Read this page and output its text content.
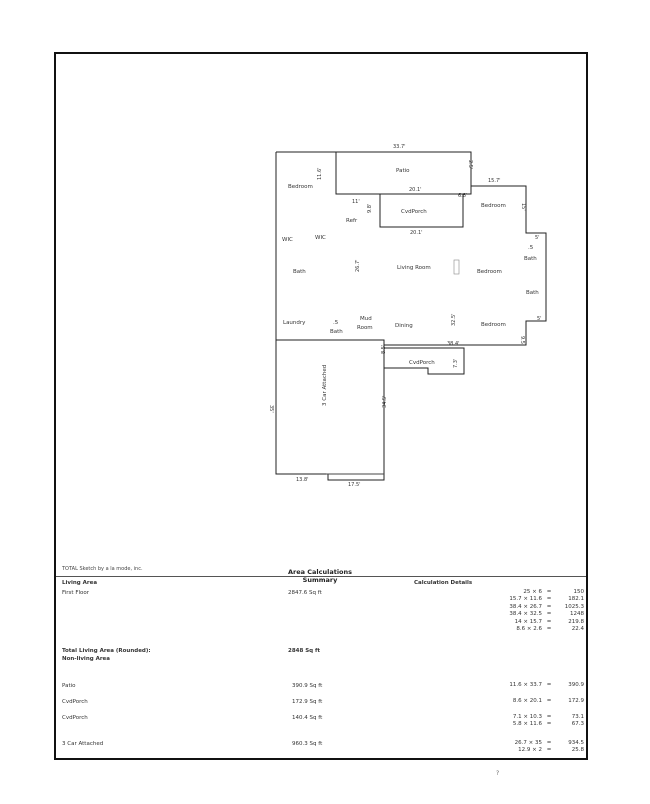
Patio
Bedroom
CvdPorch
Bedroom
.5
Bath
Bedroom
Bath
WIC	WIC
Refr
Bath
Living Room
Laundry	.5
Bath
Mud
Room	Dining	Bedroom
CvdPorch
3 Car Attached
33.7'
20.1'
11.6'
2.5'
15.7'
6.8'
11'
9.8'
20.1'
15'
5'
5'
26.7'
32.5'
38.4'	9.5'
8.5'
7.3'
35'
34.5'
13.8'
17.5'
TOTAL Sketch by a la mode, inc.	Area Calculations Summary
Living Area	Calculation Details
First Floor	2847.6 Sq ft	25 × 6 =	150
15.7 × 11.6 =	182.1
38.4 × 26.7 =	1025.3
38.4 × 32.5 =	1248
14 × 15.7 =	219.8
8.6 × 2.6 =	22.4
Total Living Area (Rounded):	2848 Sq ft
Non-living Area
Patio	390.9 Sq ft	11.6 × 33.7 =	390.9
CvdPorch	172.9 Sq ft	8.6 × 20.1 =	172.9
CvdPorch	140.4 Sq ft	7.1 × 10.3 =	73.1
5.8 × 11.6 =	67.3
3 Car Attached	960.3 Sq ft	26.7 × 35 =	934.5
12.9 × 2 =	25.8
?
